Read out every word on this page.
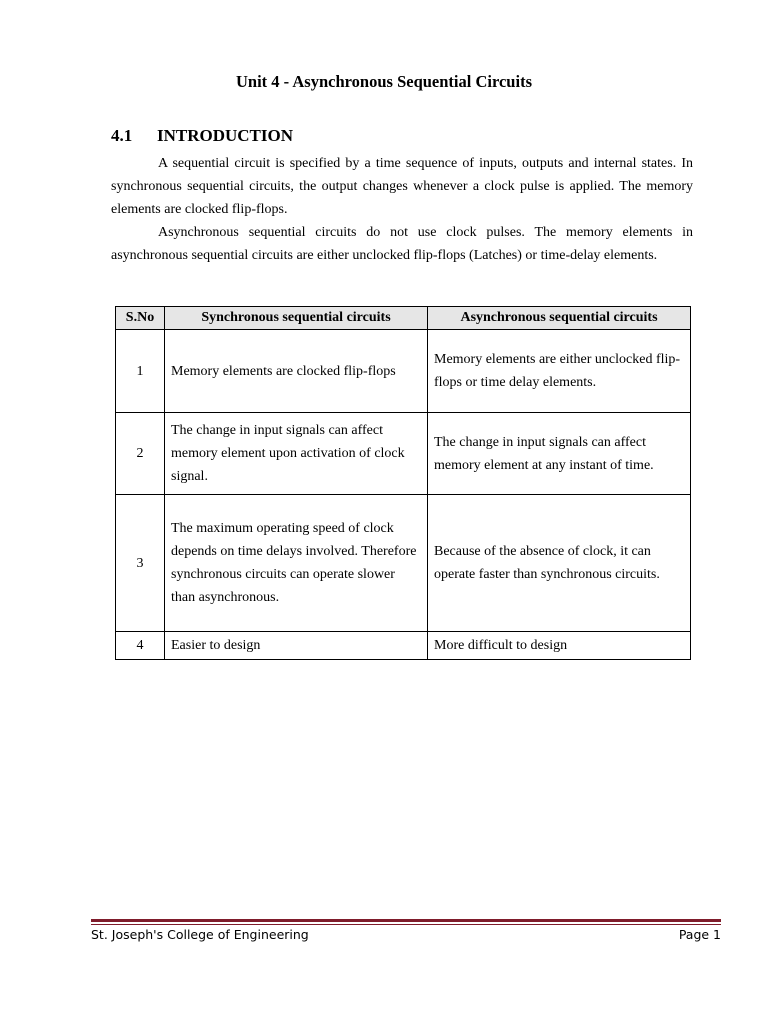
Unit 4 - Asynchronous Sequential Circuits
4.1 INTRODUCTION

A sequential circuit is specified by a time sequence of inputs, outputs and internal states. In synchronous sequential circuits, the output changes whenever a clock pulse is applied. The memory elements are clocked flip-flops.

Asynchronous sequential circuits do not use clock pulses. The memory elements in asynchronous sequential circuits are either unclocked flip-flops (Latches) or time-delay elements.

S.No	Synchronous sequential circuits	Asynchronous sequential circuits
1	Memory elements are clocked flip-flops	Memory elements are either unclocked flip-flops or time delay elements.
2	The change in input signals can affect memory element upon activation of clock signal.	The change in input signals can affect memory element at any instant of time.
3	The maximum operating speed of clock depends on time delays involved. Therefore synchronous circuits can operate slower than asynchronous.	Because of the absence of clock, it can operate faster than synchronous circuits.
4	Easier to design	More difficult to design
St. Joseph's College of Engineering	Page 1
